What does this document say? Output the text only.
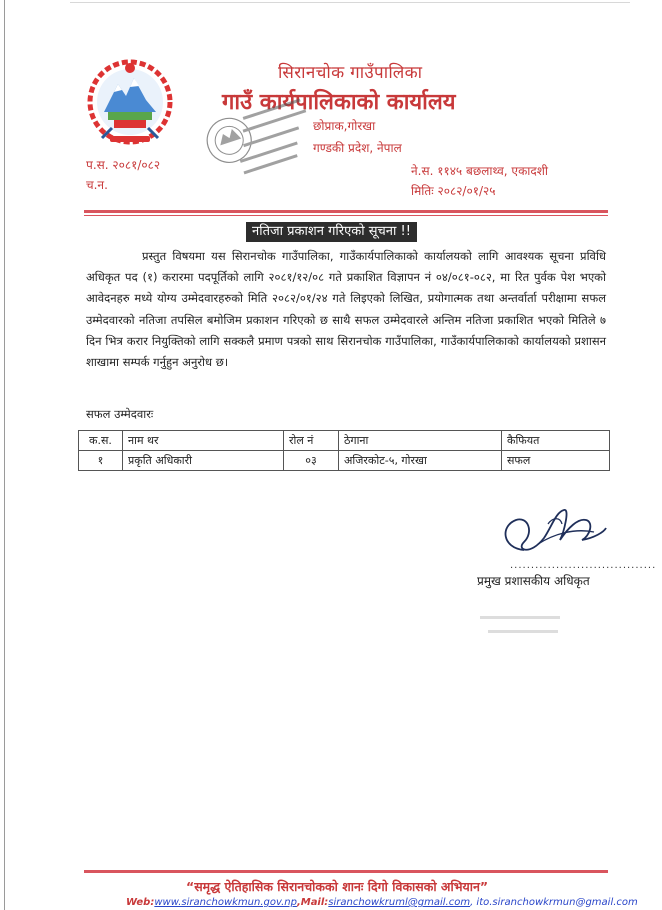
सिरानचोक गाउँपालिका
गाउँ कार्यपालिकाको कार्यालय
छोप्राक,गोरखा
गण्डकी प्रदेश, नेपाल
प.स. २०८१/०८२
च.न.
ने.स. ११४५ बछलाथ्व, एकादशी
मितिः २०८२/०१/२५
नतिजा प्रकाशन गरिएको सूचना !!

प्रस्तुत विषयमा यस सिरानचोक गाउँपालिका, गाउँकार्यपालिकाको कार्यालयको लागि आवश्यक सूचना प्रविधि अधिकृत पद (१) करारमा पदपूर्तिको लागि २०८१/१२/०८ गते प्रकाशित विज्ञापन नं ०४/०८१-०८२, मा रित पुर्वक पेश भएको आवेदनहरु मध्ये योग्य उम्मेदवारहरुको मिति २०८२/०१/२४ गते लिइएको लिखित, प्रयोगात्मक तथा अन्तर्वार्ता परीक्षामा सफल उम्मेदवारको नतिजा तपसिल बमोजिम प्रकाशन गरिएको छ साथै सफल उम्मेदवारले अन्तिम नतिजा प्रकाशित भएको मितिले ७ दिन भित्र करार नियुक्तिको लागि सक्कलै प्रमाण पत्रको साथ सिरानचोक गाउँपालिका, गाउँकार्यपालिकाको कार्यालयको प्रशासन शाखामा सम्पर्क गर्नुहुन अनुरोध छ।

सफल उम्मेदवारः
क.स.	नाम थर	रोल नं	ठेगाना	कैफियत
१	प्रकृति अधिकारी	०३	अजिरकोट-५, गोरखा	सफल
...................................
प्रमुख प्रशासकीय अधिकृत
“समृद्ध ऐतिहासिक सिरानचोकको शानः दिगो विकासको अभियान”
Web:www.siranchowkmun.gov.np,Mail:siranchowkruml@gmail.com, ito.siranchowkrmun@gmail.com
